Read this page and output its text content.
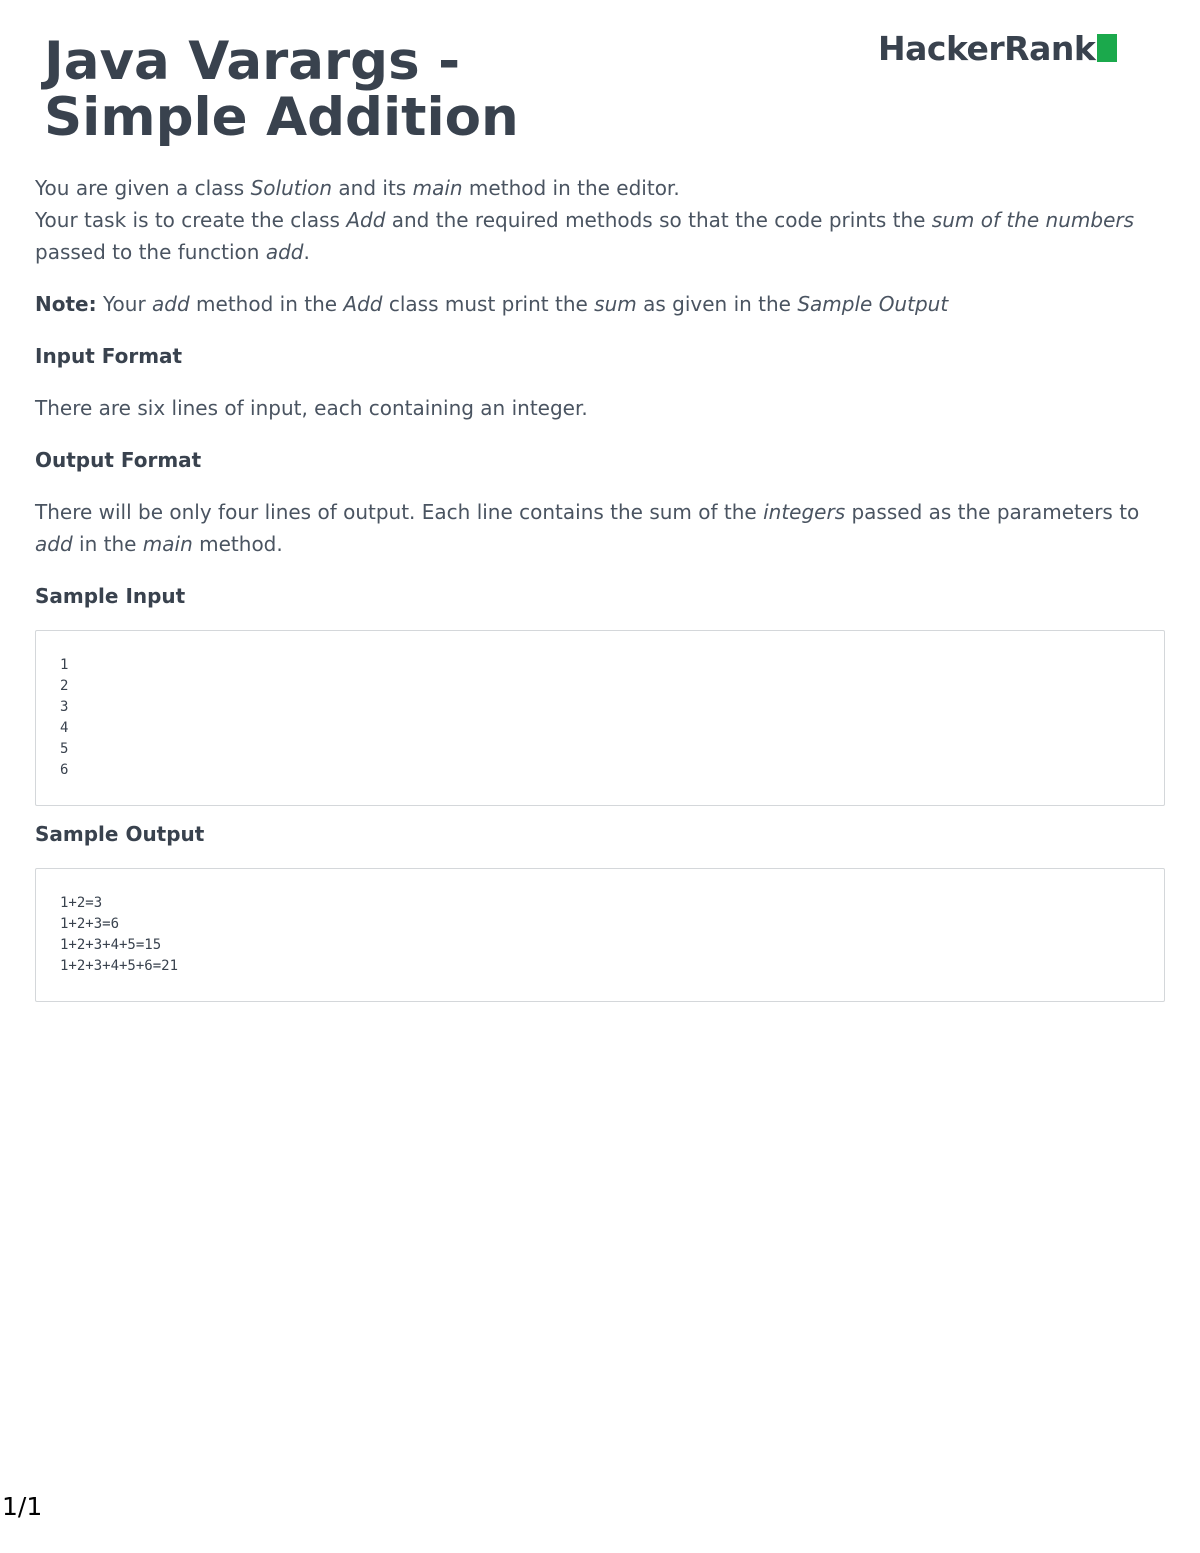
Java Varargs - Simple Addition
HackerRank

You are given a class Solution and its main method in the editor.
Your task is to create the class Add and the required methods so that the code prints the sum of the numbers passed to the function add.

Note: Your add method in the Add class must print the sum as given in the Sample Output

Input Format

There are six lines of input, each containing an integer.

Output Format

There will be only four lines of output. Each line contains the sum of the integers passed as the parameters to add in the main method.

Sample Input

1
2
3
4
5
6

Sample Output

1+2=3
1+2+3=6
1+2+3+4+5=15
1+2+3+4+5+6=21
1/1
